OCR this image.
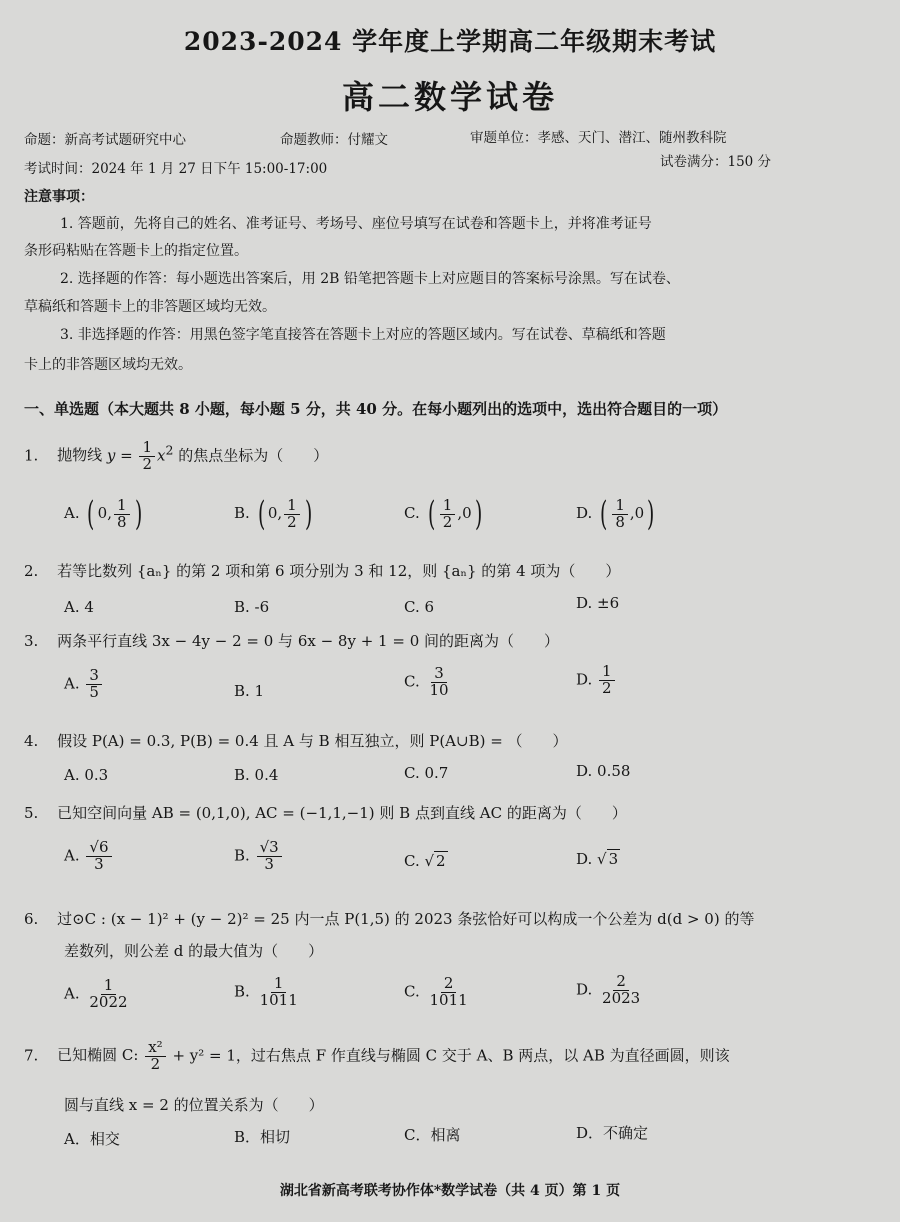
2023-2024 学年度上学期高二年级期末考试
高二数学试卷
命题：新高考试题研究中心	命题教师：付耀文	审题单位：孝感、天门、潜江、随州教科院
考试时间：2024 年 1 月 27 日下午 15:00-17:00	试卷满分：150 分
注意事项：
1. 答题前，先将自己的姓名、准考证号、考场号、座位号填写在试卷和答题卡上，并将准考证号
条形码粘贴在答题卡上的指定位置。
2. 选择题的作答：每小题选出答案后，用 2B 铅笔把答题卡上对应题目的答案标号涂黑。写在试卷、
草稿纸和答题卡上的非答题区域均无效。
3. 非选择题的作答：用黑色签字笔直接答在答题卡上对应的答题区域内。写在试卷、草稿纸和答题
卡上的非答题区域均无效。
一、单选题（本大题共 8 小题，每小题 5 分，共 40 分。在每小题列出的选项中，选出符合题目的一项）
1. 抛物线 $y = \frac{1}{2} x^2$ 的焦点坐标为（　　）
A. ( 0, $\frac{1}{8}$ )	B. ( 0, $\frac{1}{2}$ )	C. ( $\frac{1}{2} ,0$)	D. ( $\frac{1}{8} ,0$)
2. 若等比数列 {aₙ} 的第 2 项和第 6 项分别为 3 和 12，则 {aₙ} 的第 4 项为（　　）
A. 4	B. -6	C. 6	D. ±6
3. 两条平行直线 3x − 4y − 2 = 0 与 6x − 8y + 1 = 0 间的距离为（　　）
A. $\frac{3}{5}$	B. 1
C. $\frac{3}{10}$	D. $\frac{1}{2}$
4. 假设 P(A) = 0.3, P(B) = 0.4 且 A 与 B 相互独立，则 P(A∪B) = （　　）
A. 0.3	B. 0.4	C. 0.7	D. 0.58
5. 已知空间向量 AB = (0,1,0), AC = (−1,1,−1) 则 B 点到直线 AC 的距离为（　　）
A. $\frac{√6}{3}$	B. $\frac{√3}{3}$	C. √ 2	D. √ 3
6. 过⊙C : (x − 1)² + (y − 2)² = 25 内一点 P(1,5) 的 2023 条弦恰好可以构成一个公差为 d(d > 0) 的等
差数列，则公差 d 的最大值为（　　）
A. $\frac{1}{2022}$	B. $\frac{1}{1011}$	C. $\frac{2}{1011}$	D. $\frac{2}{2023}$
7. 已知椭圆 C: $\frac{\text{x²}}{2} + y^2 = 1$，过右焦点 F 作直线与椭圆 C 交于 A、B 两点，以 AB 为直径画圆，则该
圆与直线 x = 2 的位置关系为（　　）
A．相交	B．相切	C．相离	D．不确定
湖北省新高考联考协作体*数学试卷（共 4 页）第 1 页
